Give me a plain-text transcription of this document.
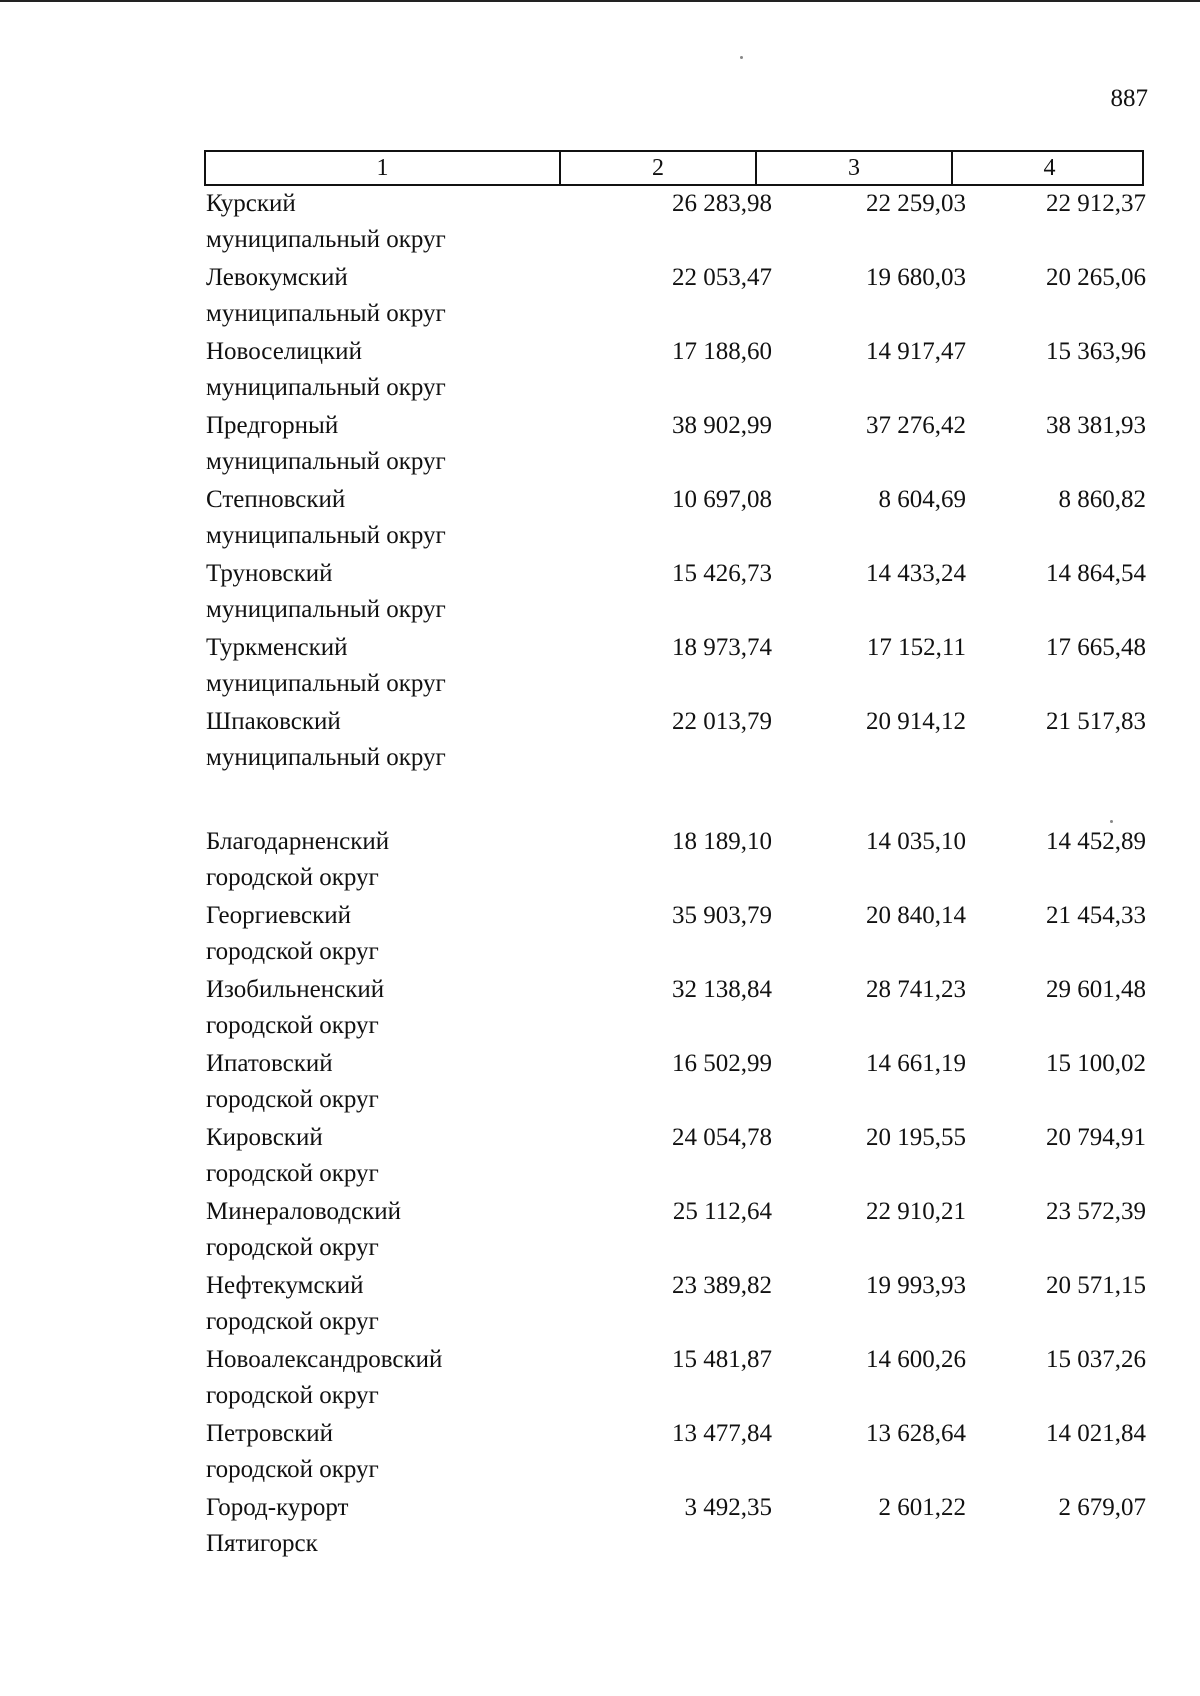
887
1	2	3	4
Курский
муниципальный округ
26 283,98	22 259,03	22 912,37
Левокумский
муниципальный округ
22 053,47	19 680,03	20 265,06
Новоселицкий
муниципальный округ
17 188,60	14 917,47	15 363,96
Предгорный
муниципальный округ
38 902,99	37 276,42	38 381,93
Степновский
муниципальный округ
10 697,08	8 604,69	8 860,82
Труновский
муниципальный округ
15 426,73	14 433,24	14 864,54
Туркменский
муниципальный округ
18 973,74	17 152,11	17 665,48
Шпаковский
муниципальный округ
22 013,79	20 914,12	21 517,83
Благодарненский
городской округ
18 189,10	14 035,10	14 452,89
Георгиевский
городской округ
35 903,79	20 840,14	21 454,33
Изобильненский
городской округ
32 138,84	28 741,23	29 601,48
Ипатовский
городской округ
16 502,99	14 661,19	15 100,02
Кировский
городской округ
24 054,78	20 195,55	20 794,91
Минераловодский
городской округ
25 112,64	22 910,21	23 572,39
Нефтекумский
городской округ
23 389,82	19 993,93	20 571,15
Новоалександровский
городской округ
15 481,87	14 600,26	15 037,26
Петровский
городской округ
13 477,84	13 628,64	14 021,84
Город-курорт
Пятигорск
3 492,35	2 601,22	2 679,07
